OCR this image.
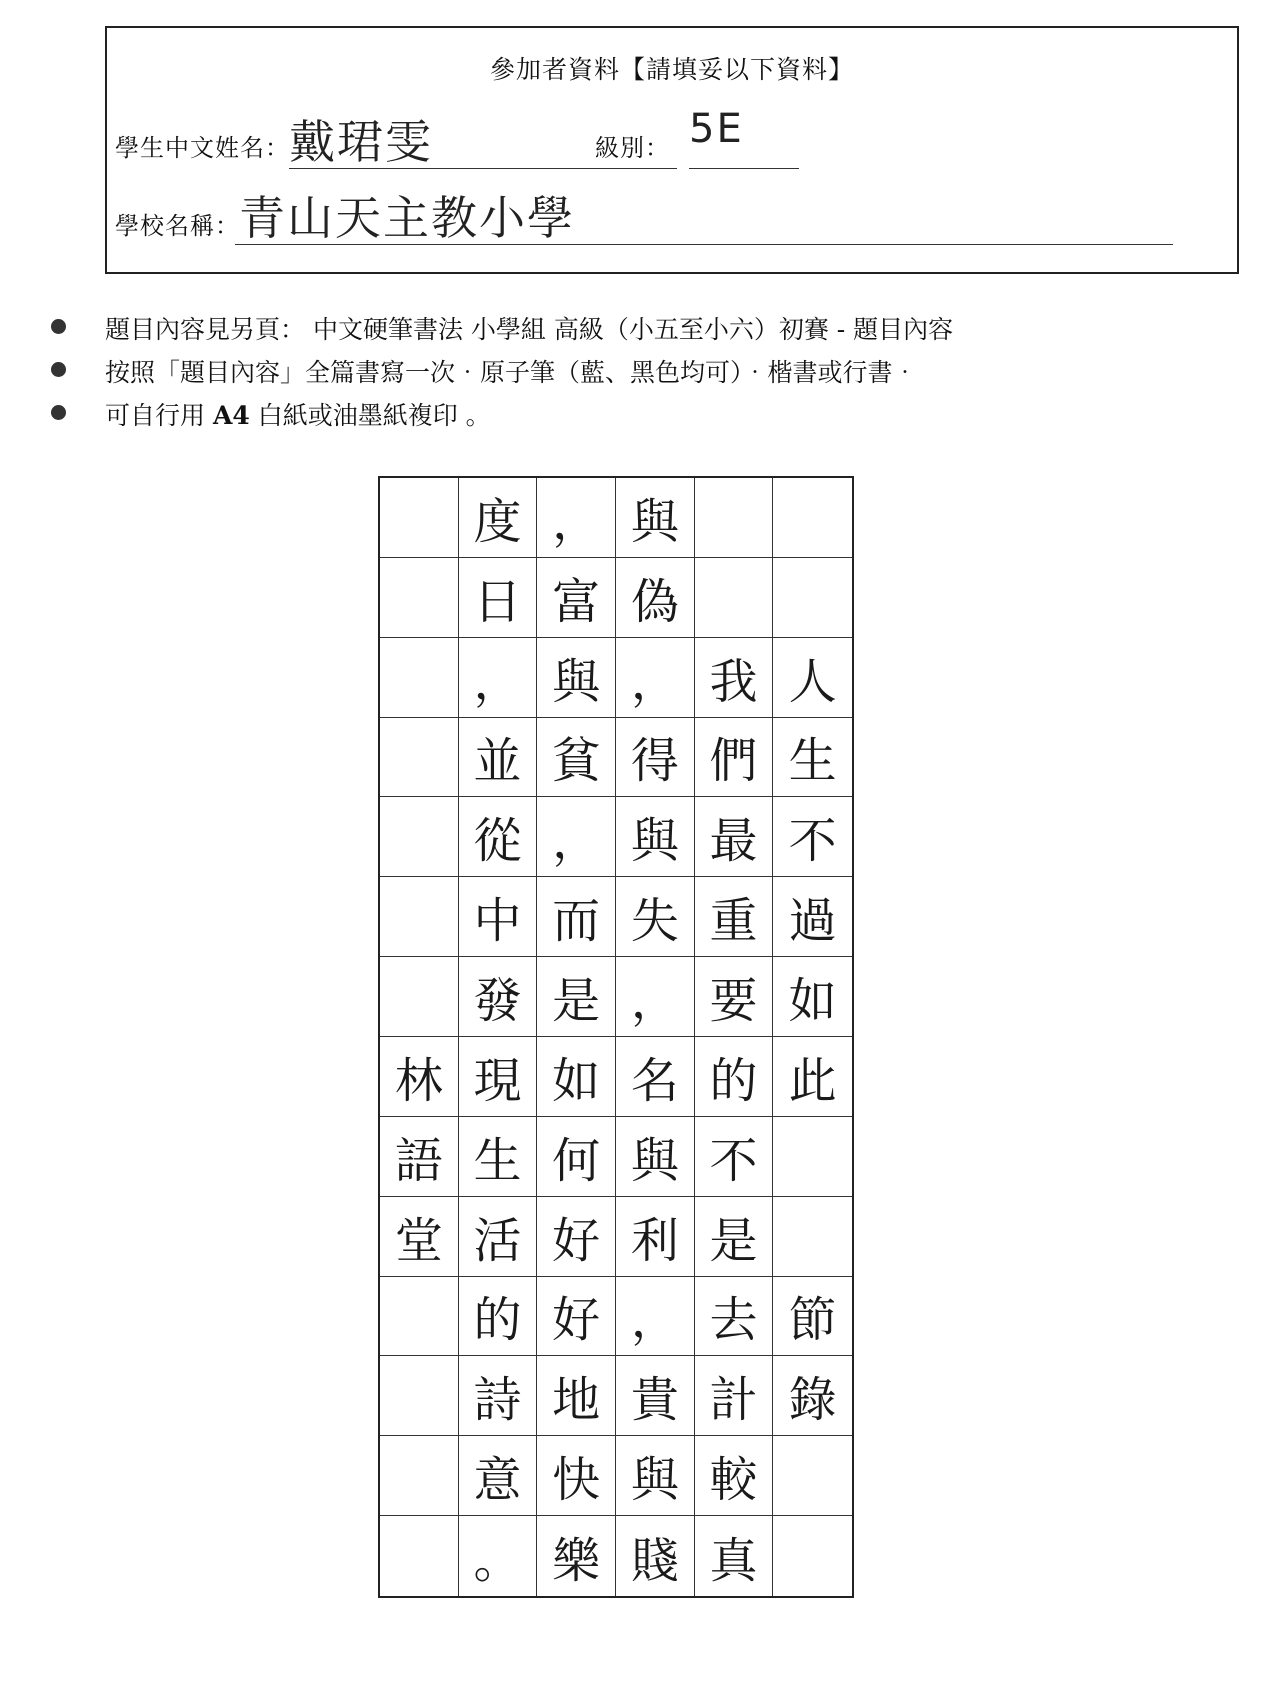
參加者資料【請填妥以下資料】
學生中文姓名： 戴珺雯	級別： 5E
學校名稱： 青山天主教小學
題目內容見另頁： 中文硬筆書法 小學組 高級（小五至小六）初賽 - 題目內容
按照「題目內容」全篇書寫一次‧原子筆（藍、黑色均可）‧楷書或行書‧
可自行用 A4 白紙或油墨紙複印 。
度 ， 與
日 富 偽
， 與 ， 我 人
並 貧 得 們 生
從 ， 與 最 不
中 而 失 重 過
發 是 ， 要 如
林 現 如 名 的 此
語 生 何 與 不
堂 活 好 利 是
的 好 ， 去 節
詩 地 貴 計 錄
意 快 與 較
。 樂 賤 真
